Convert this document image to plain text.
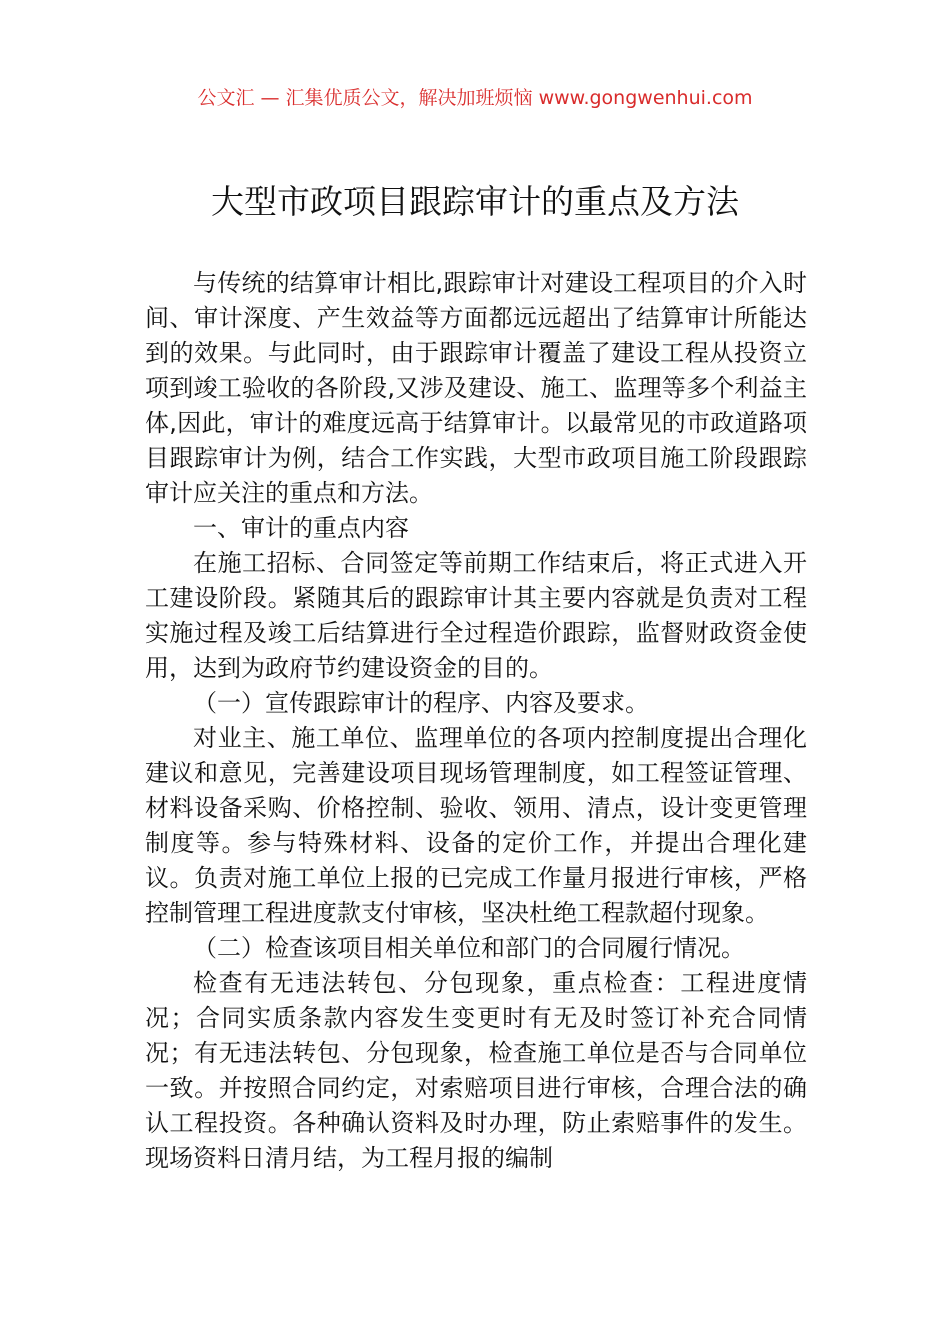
公文汇 — 汇集优质公文，解决加班烦恼 www.gongwenhui.com
大型市政项目跟踪审计的重点及方法

与传统的结算审计相比,跟踪审计对建设工程项目的介入时间、审计深度、产生效益等方面都远远超出了结算审计所能达到的效果。与此同时，由于跟踪审计覆盖了建设工程从投资立项到竣工验收的各阶段,又涉及建设、施工、监理等多个利益主体,因此，审计的难度远高于结算审计。以最常见的市政道路项目跟踪审计为例，结合工作实践，大型市政项目施工阶段跟踪审计应关注的重点和方法。

一、审计的重点内容

在施工招标、合同签定等前期工作结束后，将正式进入开工建设阶段。紧随其后的跟踪审计其主要内容就是负责对工程实施过程及竣工后结算进行全过程造价跟踪，监督财政资金使用，达到为政府节约建设资金的目的。

（一）宣传跟踪审计的程序、内容及要求。

对业主、施工单位、监理单位的各项内控制度提出合理化建议和意见，完善建设项目现场管理制度，如工程签证管理、材料设备采购、价格控制、验收、领用、清点，设计变更管理制度等。参与特殊材料、设备的定价工作，并提出合理化建议。负责对施工单位上报的已完成工作量月报进行审核，严格控制管理工程进度款支付审核，坚决杜绝工程款超付现象。

（二）检查该项目相关单位和部门的合同履行情况。

检查有无违法转包、分包现象，重点检查：工程进度情况；合同实质条款内容发生变更时有无及时签订补充合同情况；有无违法转包、分包现象，检查施工单位是否与合同单位一致。并按照合同约定，对索赔项目进行审核，合理合法的确认工程投资。各种确认资料及时办理，防止索赔事件的发生。现场资料日清月结，为工程月报的编制
